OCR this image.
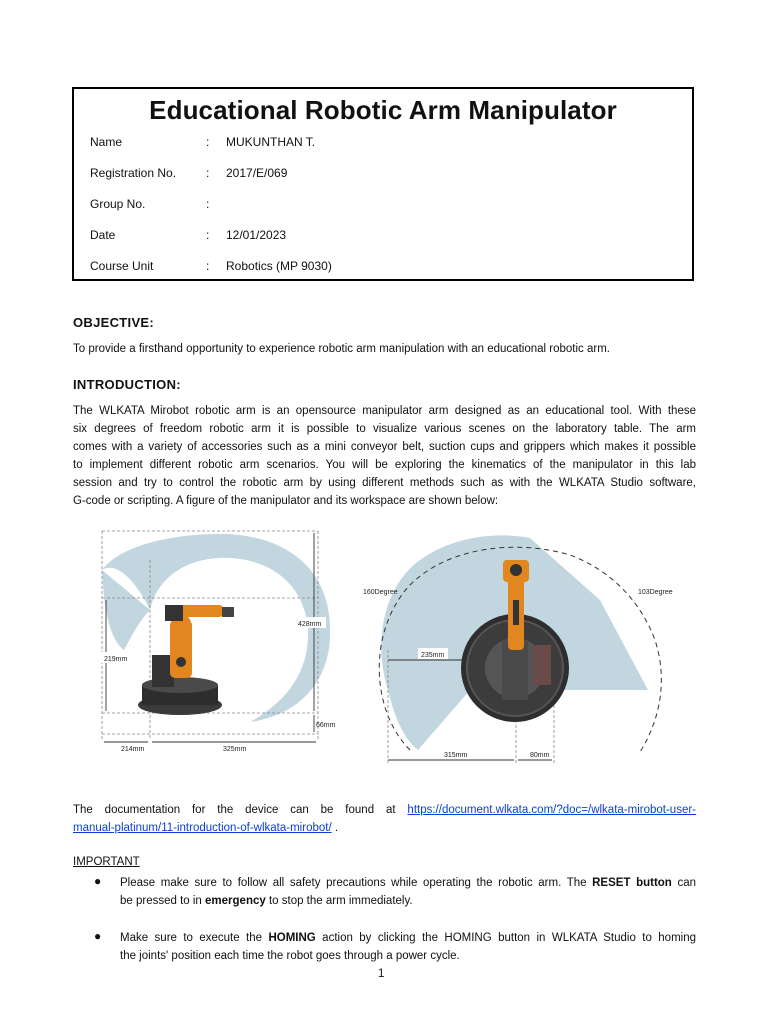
Educational Robotic Arm Manipulator
Name	: MUKUNTHAN T.
Registration No.	: 2017/E/069
Group No.	:
Date	: 12/01/2023
Course Unit	: Robotics (MP 9030)
OBJECTIVE:
To provide a firsthand opportunity to experience robotic arm manipulation with an educational robotic arm.
INTRODUCTION:
The WLKATA Mirobot robotic arm is an opensource manipulator arm designed as an educational tool. With these
six degrees of freedom robotic arm it is possible to visualize various scenes on the laboratory table. The arm
comes with a variety of accessories such as a mini conveyor belt, suction cups and grippers which makes it possible
to implement different robotic arm scenarios. You will be exploring the kinematics of the manipulator in this lab
session and try to control the robotic arm by using different methods such as with the WLKATA Studio software,
G-code or scripting. A figure of the manipulator and its workspace are shown below:
428mm
219mm
66mm
214mm	325mm
235mm
315mm	80mm
160Degree	103Degree
The documentation for the device can be found at https://document.wlkata.com/?doc=/wlkata-mirobot-user-
manual-platinum/11-introduction-of-wlkata-mirobot/ .
IMPORTANT
● Please make sure to follow all safety precautions while operating the robotic arm. The RESET button can
be pressed to in emergency to stop the arm immediately.
● Make sure to execute the HOMING action by clicking the HOMING button in WLKATA Studio to homing
the joints' position each time the robot goes through a power cycle.
1
